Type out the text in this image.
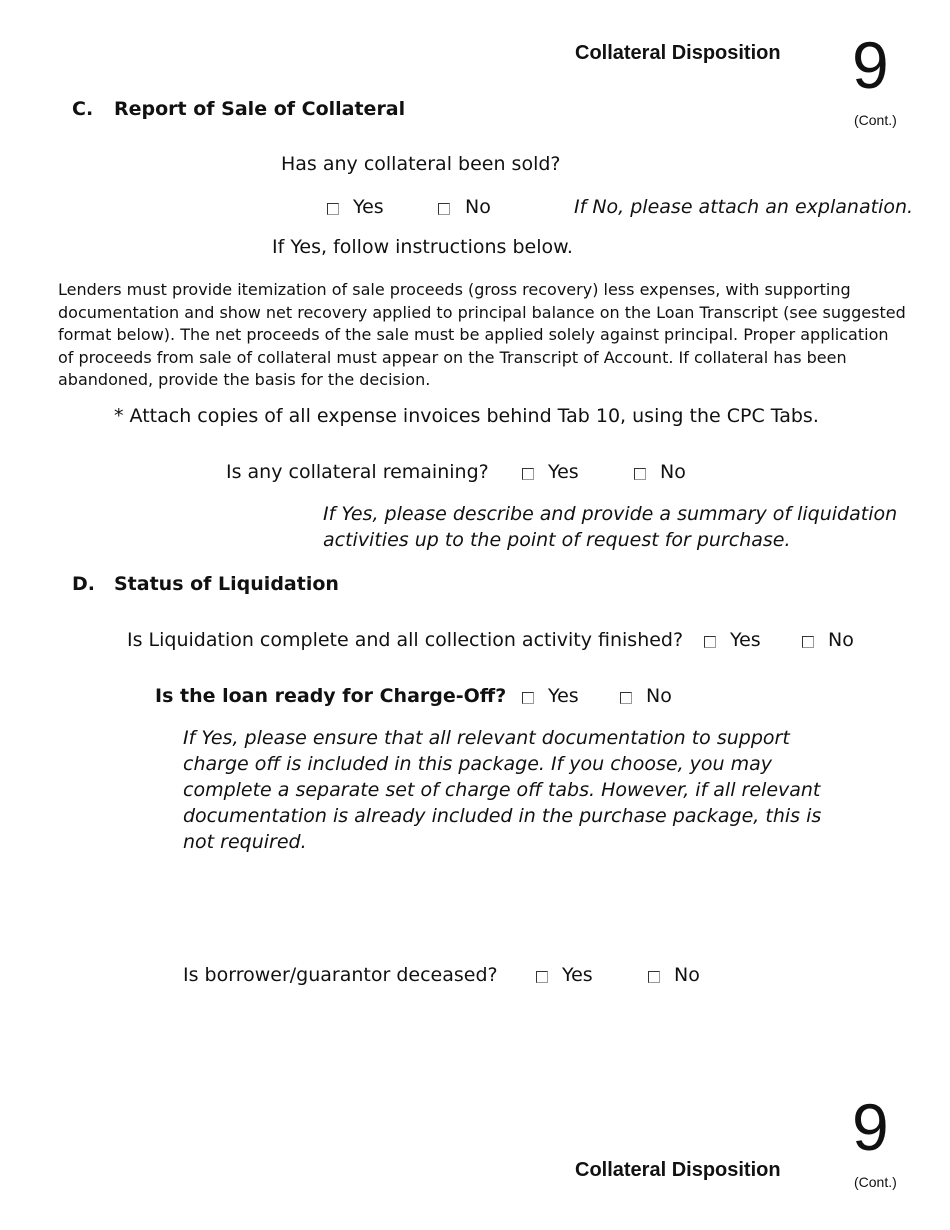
Collateral Disposition 9
(Cont.)
C. Report of Sale of Collateral
Has any collateral been sold?
Yes	No	If No, please attach an explanation.
If Yes, follow instructions below.
Lenders must provide itemization of sale proceeds (gross recovery) less expenses, with supporting documentation and show net recovery applied to principal balance on the Loan Transcript (see suggested format below). The net proceeds of the sale must be applied solely against principal. Proper application of proceeds from sale of collateral must appear on the Transcript of Account. If collateral has been abandoned, provide the basis for the decision.
* Attach copies of all expense invoices behind Tab 10, using the CPC Tabs.
Is any collateral remaining?	Yes	No
If Yes, please describe and provide a summary of liquidation
activities up to the point of request for purchase.
D. Status of Liquidation
Is Liquidation complete and all collection activity finished? Yes	No
Is the loan ready for Charge-Off? Yes	No
If Yes, please ensure that all relevant documentation to support charge off is included in this package. If you choose, you may complete a separate set of charge off tabs. However, if all relevant documentation is already included in the purchase package, this is not required.
Is borrower/guarantor deceased?	Yes	No
9
Collateral Disposition
(Cont.)
